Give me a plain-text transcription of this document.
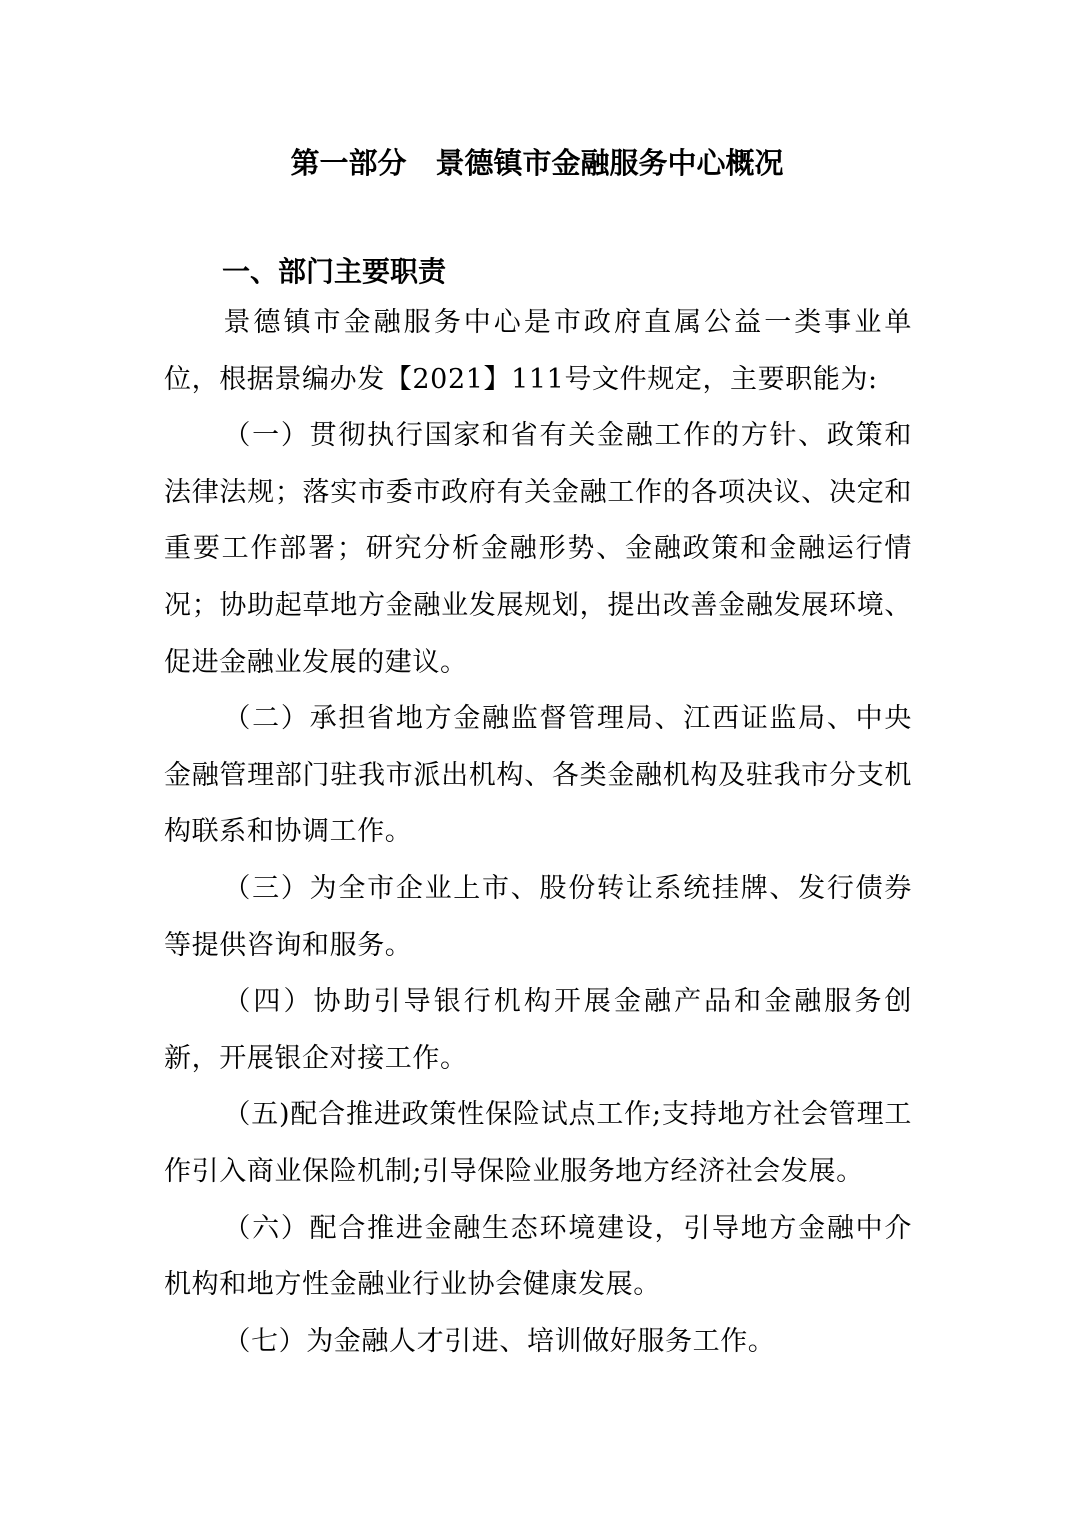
第一部分　景德镇市金融服务中心概况
一、部门主要职责

景德镇市金融服务中心是市政府直属公益一类事业单位，根据景编办发【2021】111号文件规定，主要职能为:

（一）贯彻执行国家和省有关金融工作的方针、政策和法律法规；落实市委市政府有关金融工作的各项决议、决定和重要工作部署；研究分析金融形势、金融政策和金融运行情况；协助起草地方金融业发展规划，提出改善金融发展环境、促进金融业发展的建议。

（二）承担省地方金融监督管理局、江西证监局、中央金融管理部门驻我市派出机构、各类金融机构及驻我市分支机构联系和协调工作。

（三）为全市企业上市、股份转让系统挂牌、发行债券等提供咨询和服务。

（四）协助引导银行机构开展金融产品和金融服务创新，开展银企对接工作。

（五)配合推进政策性保险试点工作;支持地方社会管理工作引入商业保险机制;引导保险业服务地方经济社会发展。

（六）配合推进金融生态环境建设，引导地方金融中介机构和地方性金融业行业协会健康发展。

（七）为金融人才引进、培训做好服务工作。
